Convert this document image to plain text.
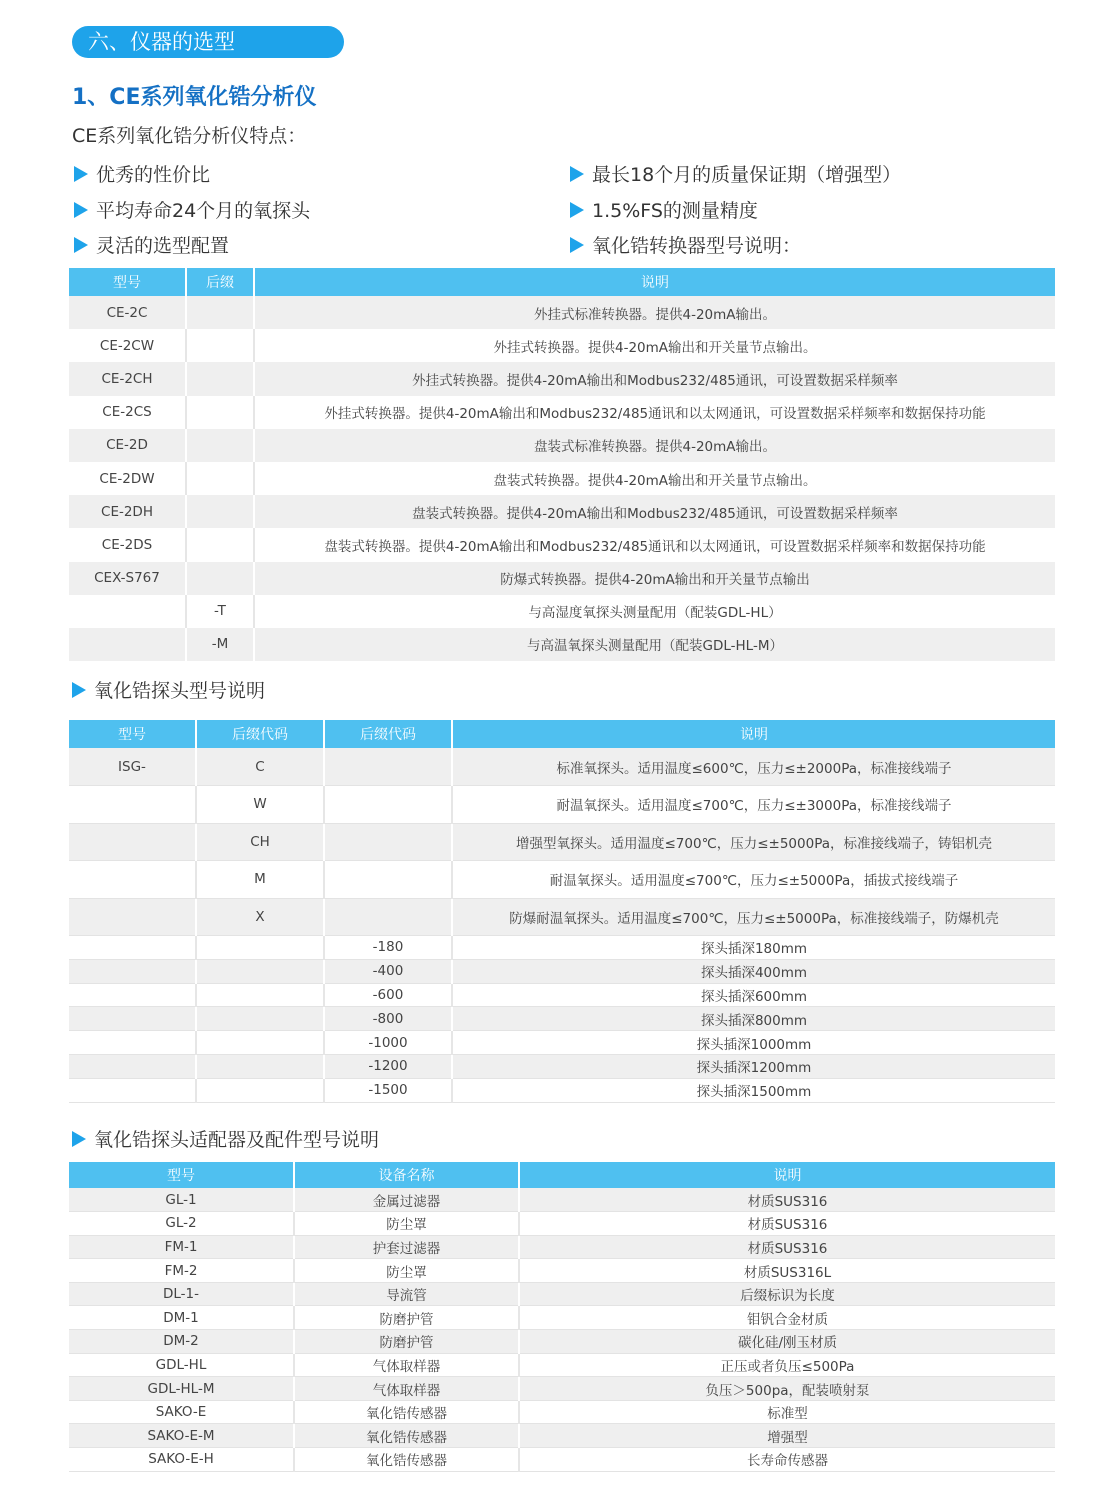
六、仪器的选型
1、CE系列氧化锆分析仪
CE系列氧化锆分析仪特点：
优秀的性价比
平均寿命24个月的氧探头
灵活的选型配置
最长18个月的质量保证期（增强型）
1.5%FS的测量精度
氧化锆转换器型号说明：
型号	后缀	说明
CE-2C		外挂式标准转换器。提供4-20mA输出。
CE-2CW		外挂式转换器。提供4-20mA输出和开关量节点输出。
CE-2CH		外挂式转换器。提供4-20mA输出和Modbus232/485通讯，可设置数据采样频率
CE-2CS		外挂式转换器。提供4-20mA输出和Modbus232/485通讯和以太网通讯，可设置数据采样频率和数据保持功能
CE-2D		盘装式标准转换器。提供4-20mA输出。
CE-2DW		盘装式转换器。提供4-20mA输出和开关量节点输出。
CE-2DH		盘装式转换器。提供4-20mA输出和Modbus232/485通讯，可设置数据采样频率
CE-2DS		盘装式转换器。提供4-20mA输出和Modbus232/485通讯和以太网通讯，可设置数据采样频率和数据保持功能
CEX-S767		防爆式转换器。提供4-20mA输出和开关量节点输出
	-T	与高湿度氧探头测量配用（配装GDL-HL）
	-M	与高温氧探头测量配用（配装GDL-HL-M）
氧化锆探头型号说明
型号	后缀代码	后缀代码	说明
ISG-	C		标准氧探头。适用温度≤600℃，压力≤±2000Pa，标准接线端子
	W		耐温氧探头。适用温度≤700℃，压力≤±3000Pa，标准接线端子
	CH		增强型氧探头。适用温度≤700℃，压力≤±5000Pa，标准接线端子，铸铝机壳
	M		耐温氧探头。适用温度≤700℃，压力≤±5000Pa，插拔式接线端子
	X		防爆耐温氧探头。适用温度≤700℃，压力≤±5000Pa，标准接线端子，防爆机壳
		-180	探头插深180mm
		-400	探头插深400mm
		-600	探头插深600mm
		-800	探头插深800mm
		-1000	探头插深1000mm
		-1200	探头插深1200mm
		-1500	探头插深1500mm
氧化锆探头适配器及配件型号说明
型号	设备名称	说明
GL-1	金属过滤器	材质SUS316
GL-2	防尘罩	材质SUS316
FM-1	护套过滤器	材质SUS316
FM-2	防尘罩	材质SUS316L
DL-1-	导流管	后缀标识为长度
DM-1	防磨护管	钼钒合金材质
DM-2	防磨护管	碳化硅/刚玉材质
GDL-HL	气体取样器	正压或者负压≤500Pa
GDL-HL-M	气体取样器	负压＞500pa，配装喷射泵
SAKO-E	氧化锆传感器	标准型
SAKO-E-M	氧化锆传感器	增强型
SAKO-E-H	氧化锆传感器	长寿命传感器
